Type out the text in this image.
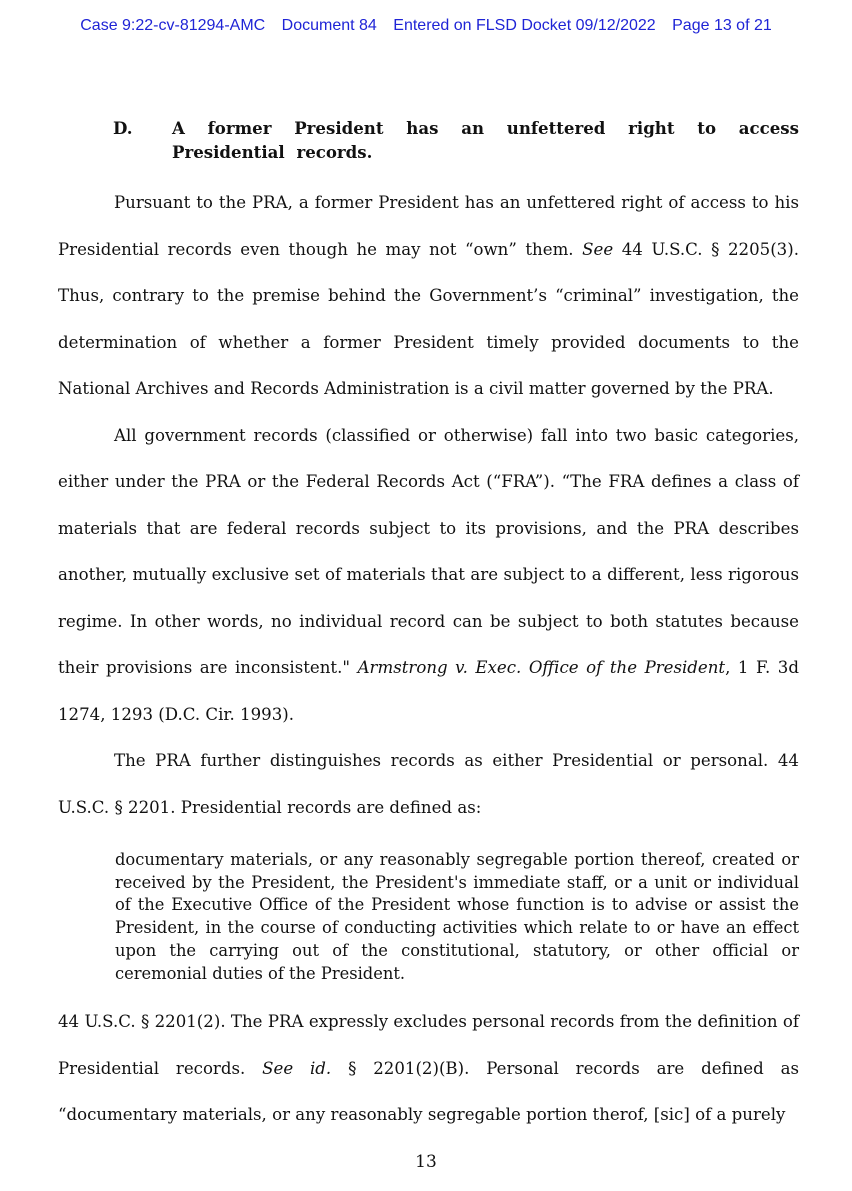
Case 9:22-cv-81294-AMC Document 84 Entered on FLSD Docket 09/12/2022 Page 13 of 21
D. A former President has an unfettered right to access Presidential records.

Pursuant to the PRA, a former President has an unfettered right of access to his Presidential records even though he may not “own” them. See 44 U.S.C. § 2205(3). Thus, contrary to the premise behind the Government’s “criminal” investigation, the determination of whether a former President timely provided documents to the National Archives and Records Administration is a civil matter governed by the PRA.

All government records (classified or otherwise) fall into two basic categories, either under the PRA or the Federal Records Act (“FRA”). “The FRA defines a class of materials that are federal records subject to its provisions, and the PRA describes another, mutually exclusive set of materials that are subject to a different, less rigorous regime. In other words, no individual record can be subject to both statutes because their provisions are inconsistent." Armstrong v. Exec. Office of the President, 1 F. 3d 1274, 1293 (D.C. Cir. 1993).

The PRA further distinguishes records as either Presidential or personal. 44 U.S.C. § 2201. Presidential records are defined as:

documentary materials, or any reasonably segregable portion thereof, created or received by the President, the President's immediate staff, or a unit or individual of the Executive Office of the President whose function is to advise or assist the President, in the course of conducting activities which relate to or have an effect upon the carrying out of the constitutional, statutory, or other official or ceremonial duties of the President.

44 U.S.C. § 2201(2). The PRA expressly excludes personal records from the definition of Presidential records. See id. § 2201(2)(B). Personal records are defined as “documentary materials, or any reasonably segregable portion therof, [sic] of a purely

13
